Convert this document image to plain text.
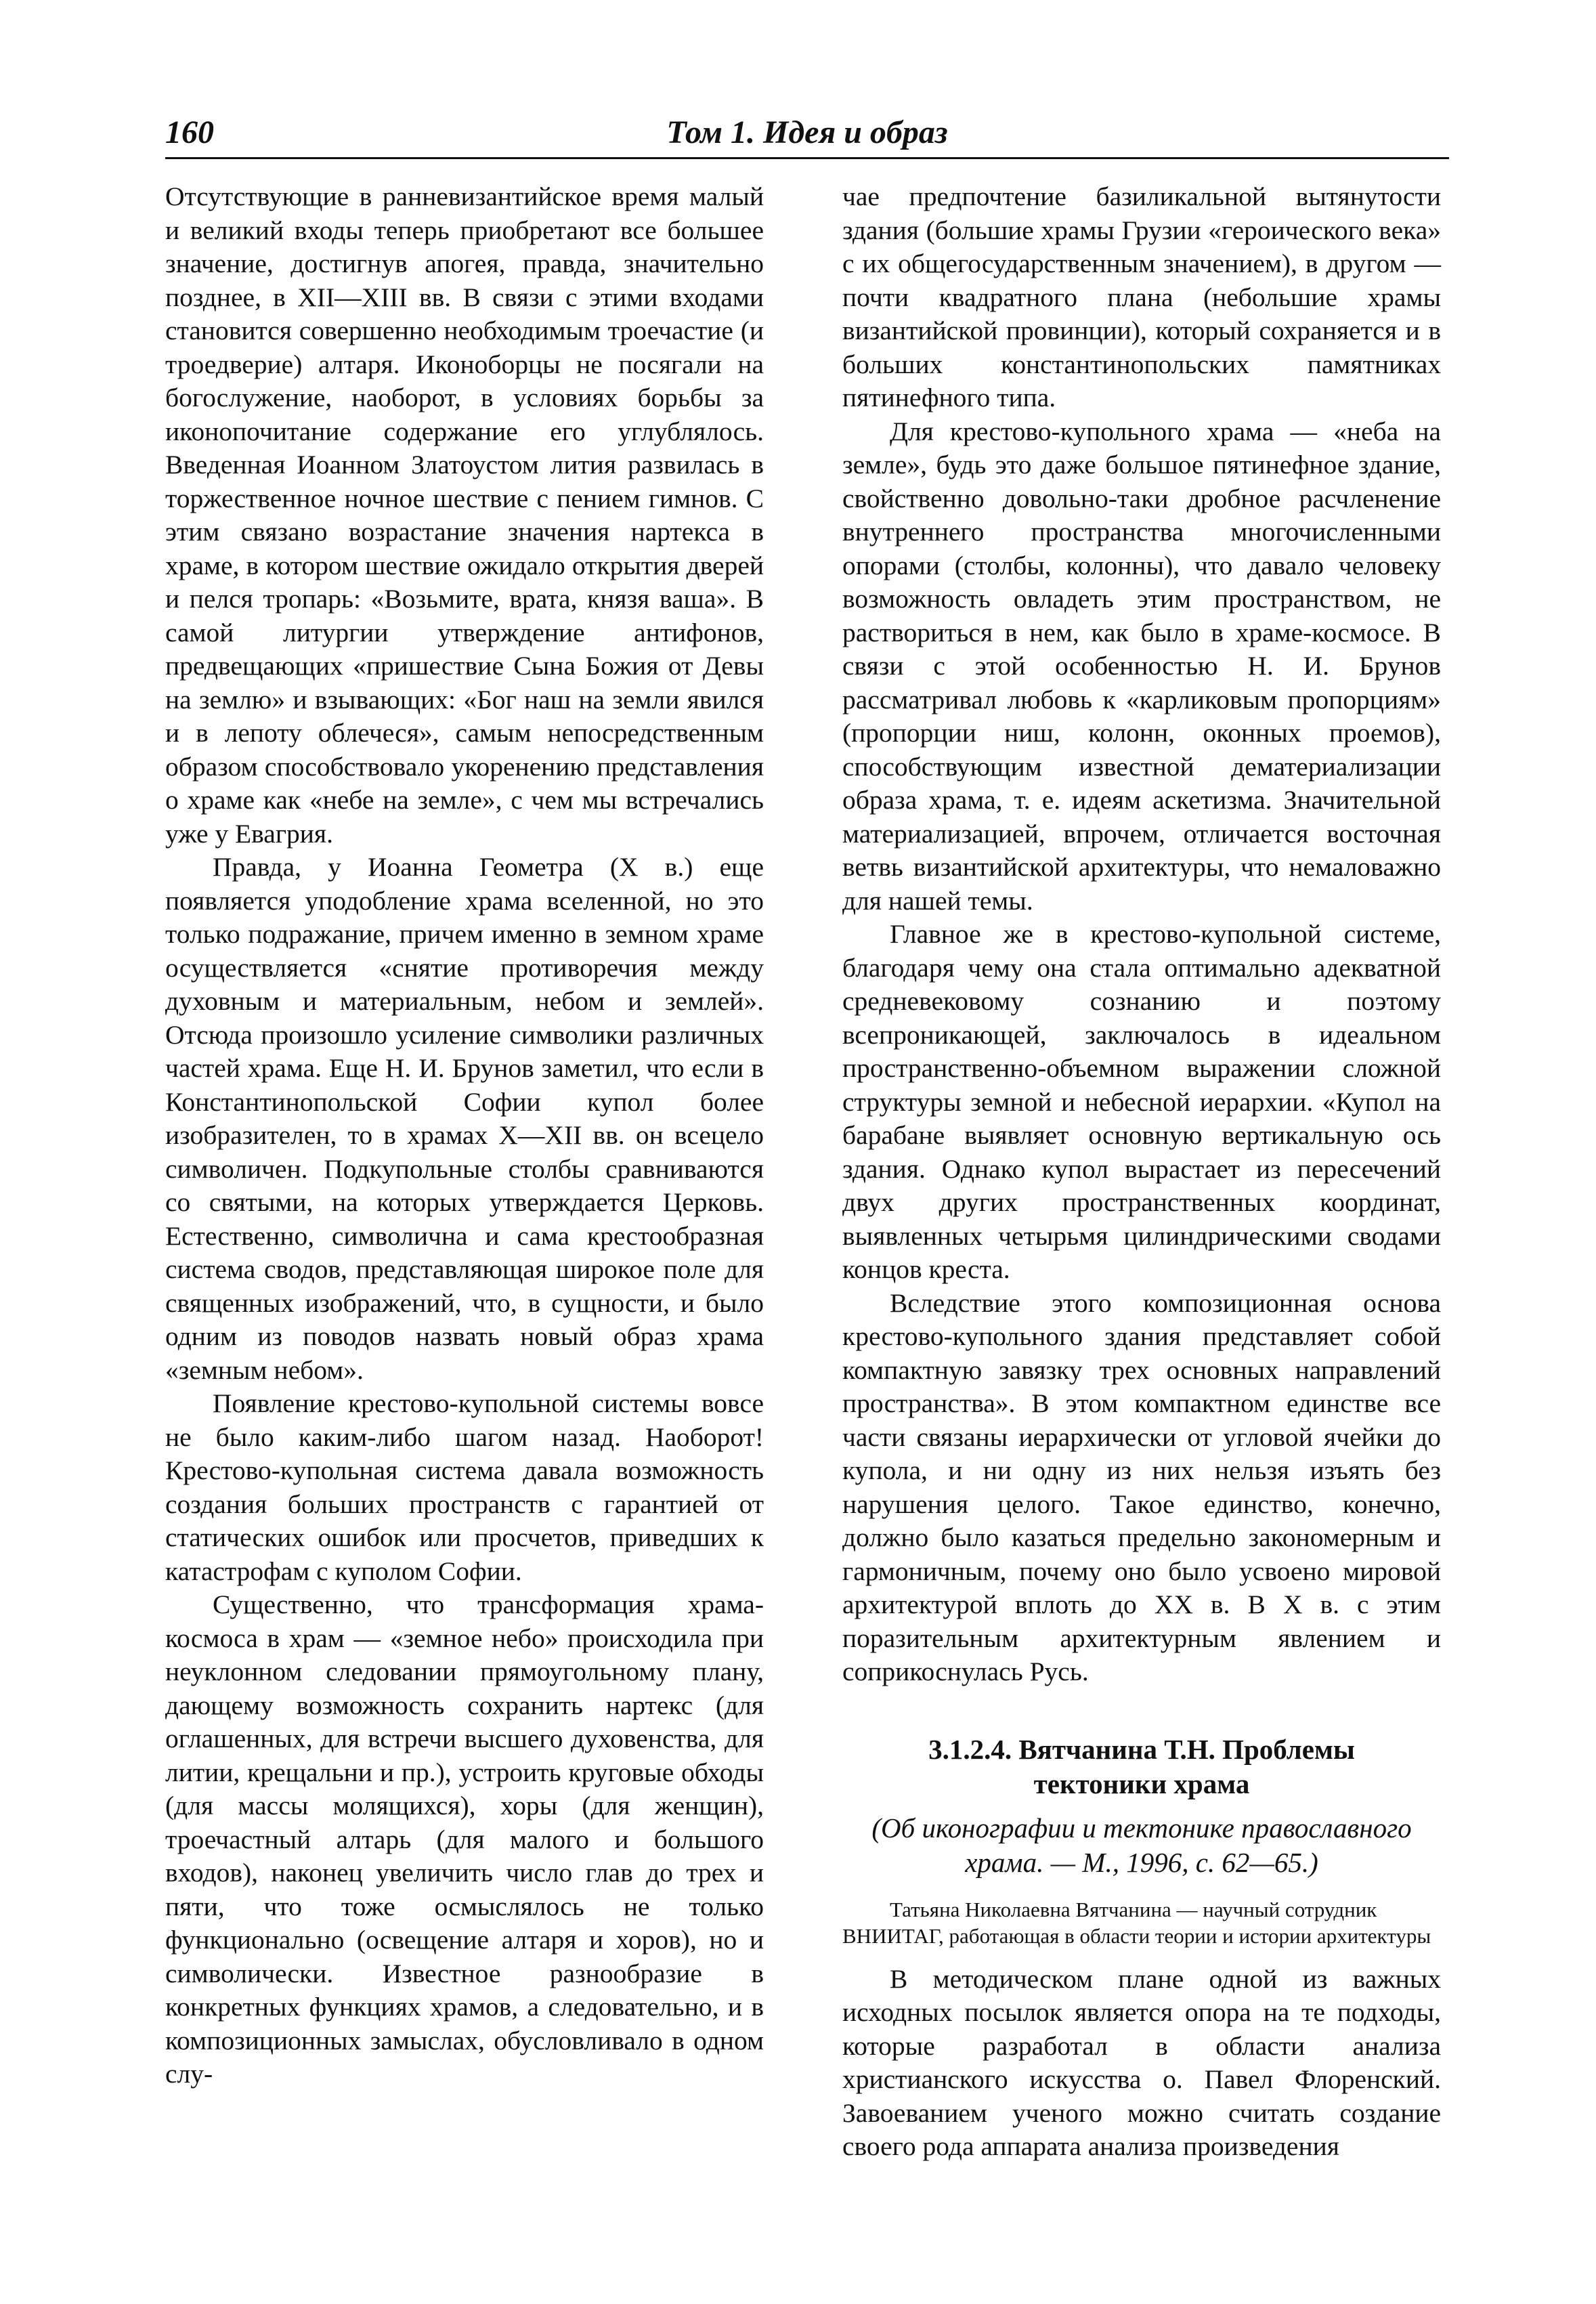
160	Том 1. Идея и образ

Отсутствующие в ранневизантийское время малый и великий входы теперь приобретают все большее значение, достигнув апогея, правда, значительно позднее, в XII—XIII вв. В связи с этими входами становится совершенно необходимым троечастие (и троедверие) алтаря. Иконоборцы не посягали на богослужение, наоборот, в условиях борьбы за иконопочитание содержание его углублялось. Введенная Иоанном Златоустом лития развилась в торжественное ночное шествие с пением гимнов. С этим связано возрастание значения нартекса в храме, в котором шествие ожидало открытия дверей и пелся тропарь: «Возьмите, врата, князя ваша». В самой литургии утверждение антифонов, предвещающих «пришествие Сына Божия от Девы на землю» и взывающих: «Бог наш на земли явился и в лепоту облечеся», самым непосредственным образом способствовало укоренению представления о храме как «небе на земле», с чем мы встречались уже у Евагрия.

Правда, у Иоанна Геометра (X в.) еще появляется уподобление храма вселенной, но это только подражание, причем именно в земном храме осуществляется «снятие противоречия между духовным и материальным, небом и землей». Отсюда произошло усиление символики различных частей храма. Еще Н. И. Брунов заметил, что если в Константинопольской Софии купол более изобразителен, то в храмах X—XII вв. он всецело символичен. Подкупольные столбы сравниваются со святыми, на которых утверждается Церковь. Естественно, символична и сама крестообразная система сводов, представляющая широкое поле для священных изображений, что, в сущности, и было одним из поводов назвать новый образ храма «земным небом».

Появление крестово-купольной системы вовсе не было каким-либо шагом назад. Наоборот! Крестово-купольная система давала возможность создания больших пространств с гарантией от статических ошибок или просчетов, приведших к катастрофам с куполом Софии.

Существенно, что трансформация храма-космоса в храм — «земное небо» происходила при неуклонном следовании прямоугольному плану, дающему возможность сохранить нартекс (для оглашенных, для встречи высшего духовенства, для литии, крещальни и пр.), устроить круговые обходы (для массы молящихся), хоры (для женщин), троечастный алтарь (для малого и большого входов), наконец увеличить число глав до трех и пяти, что тоже осмыслялось не только функционально (освещение алтаря и хоров), но и символически. Известное разнообразие в конкретных функциях храмов, а следовательно, и в композиционных замыслах, обусловливало в одном слу-

чае предпочтение базиликальной вытянутости здания (большие храмы Грузии «героического века» с их общегосударственным значением), в другом — почти квадратного плана (небольшие храмы византийской провинции), который сохраняется и в больших константинопольских памятниках пятинефного типа.

Для крестово-купольного храма — «неба на земле», будь это даже большое пятинефное здание, свойственно довольно-таки дробное расчленение внутреннего пространства многочисленными опорами (столбы, колонны), что давало человеку возможность овладеть этим пространством, не раствориться в нем, как было в храме-космосе. В связи с этой особенностью Н. И. Брунов рассматривал любовь к «карликовым пропорциям» (пропорции ниш, колонн, оконных проемов), способствующим известной дематериализации образа храма, т. е. идеям аскетизма. Значительной материализацией, впрочем, отличается восточная ветвь византийской архитектуры, что немаловажно для нашей темы.

Главное же в крестово-купольной системе, благодаря чему она стала оптимально адекватной средневековому сознанию и поэтому всепроникающей, заключалось в идеальном пространственно-объемном выражении сложной структуры земной и небесной иерархии. «Купол на барабане выявляет основную вертикальную ось здания. Однако купол вырастает из пересечений двух других пространственных координат, выявленных четырьмя цилиндрическими сводами концов креста.

Вследствие этого композиционная основа крестово-купольного здания представляет собой компактную завязку трех основных направлений пространства». В этом компактном единстве все части связаны иерархически от угловой ячейки до купола, и ни одну из них нельзя изъять без нарушения целого. Такое единство, конечно, должно было казаться предельно закономерным и гармоничным, почему оно было усвоено мировой архитектурой вплоть до XX в. В X в. с этим поразительным архитектурным явлением и соприкоснулась Русь.

3.1.2.4. Вятчанина Т.Н. Проблемы тектоники храма
(Об иконографии и тектонике православного храма. — М., 1996, с. 62—65.)
Татьяна Николаевна Вятчанина — научный сотрудник ВНИИТАГ, работающая в области теории и истории архитектуры

В методическом плане одной из важных исходных посылок является опора на те подходы, которые разработал в области анализа христианского искусства о. Павел Флоренский. Завоеванием ученого можно считать создание своего рода аппарата анализа произведения
